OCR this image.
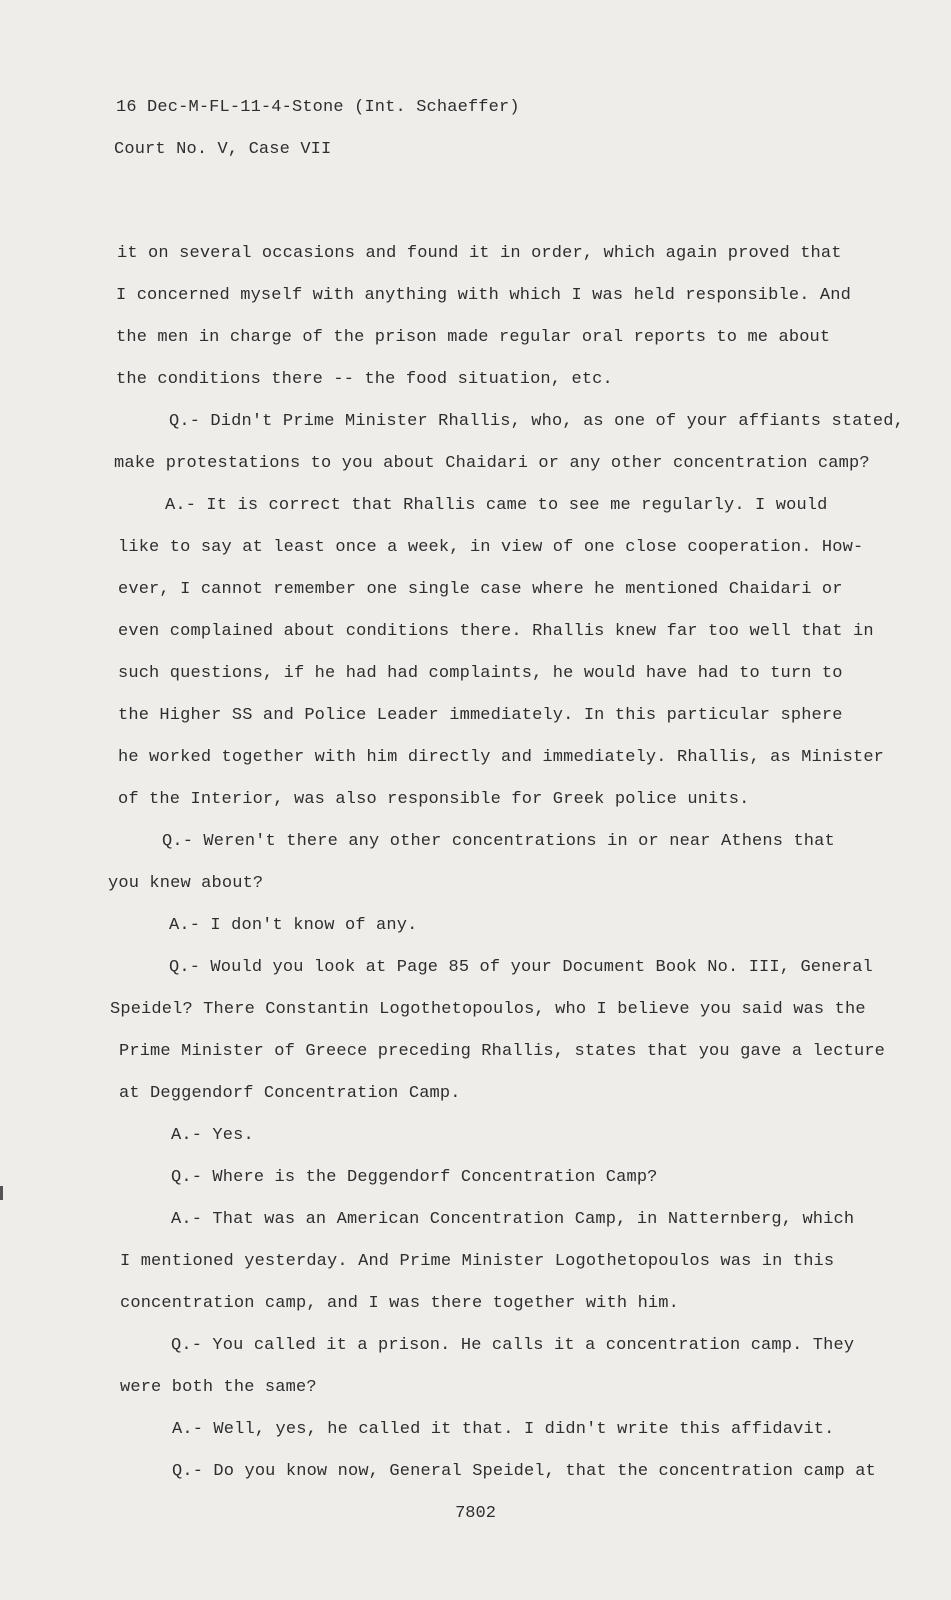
16 Dec-M-FL-11-4-Stone (Int. Schaeffer)

Court No. V, Case VII

it on several occasions and found it in order, which again proved that

I concerned myself with anything with which I was held responsible. And

the men in charge of the prison made regular oral reports to me about

the conditions there -- the food situation, etc.

Q.- Didn't Prime Minister Rhallis, who, as one of your affiants stated,

make protestations to you about Chaidari or any other concentration camp?

A.- It is correct that Rhallis came to see me regularly. I would

like to say at least once a week, in view of one close cooperation. How-

ever, I cannot remember one single case where he mentioned Chaidari or

even complained about conditions there. Rhallis knew far too well that in

such questions, if he had had complaints, he would have had to turn to

the Higher SS and Police Leader immediately. In this particular sphere

he worked together with him directly and immediately. Rhallis, as Minister

of the Interior, was also responsible for Greek police units.

Q.- Weren't there any other concentrations in or near Athens that

you knew about?

A.- I don't know of any.

Q.- Would you look at Page 85 of your Document Book No. III, General

Speidel? There Constantin Logothetopoulos, who I believe you said was the

Prime Minister of Greece preceding Rhallis, states that you gave a lecture

at Deggendorf Concentration Camp.

A.- Yes.

Q.- Where is the Deggendorf Concentration Camp?

A.- That was an American Concentration Camp, in Natternberg, which

I mentioned yesterday. And Prime Minister Logothetopoulos was in this

concentration camp, and I was there together with him.

Q.- You called it a prison. He calls it a concentration camp. They

were both the same?

A.- Well, yes, he called it that. I didn't write this affidavit.

Q.- Do you know now, General Speidel, that the concentration camp at

7802
